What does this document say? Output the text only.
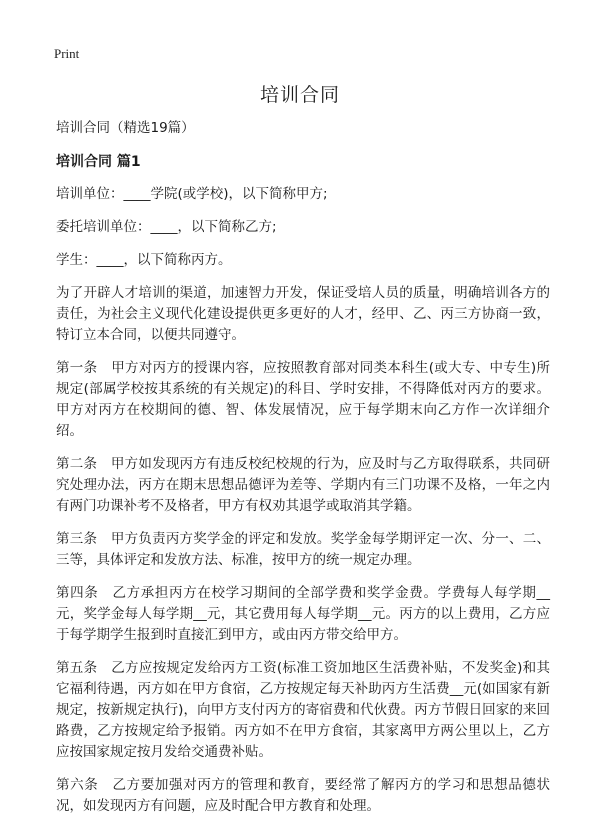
Print
培训合同

培训合同（精选19篇）

培训合同 篇1

培训单位：____学院(或学校)，以下简称甲方;

委托培训单位：____，以下简称乙方;

学生：____，以下简称丙方。

为了开辟人才培训的渠道，加速智力开发，保证受培人员的质量，明确培训各方的责任，为社会主义现代化建设提供更多更好的人才，经甲、乙、丙三方协商一致，特订立本合同，以便共同遵守。

第一条　甲方对丙方的授课内容，应按照教育部对同类本科生(或大专、中专生)所规定(部属学校按其系统的有关规定)的科目、学时安排，不得降低对丙方的要求。甲方对丙方在校期间的德、智、体发展情况，应于每学期末向乙方作一次详细介绍。

第二条　甲方如发现丙方有违反校纪校规的行为，应及时与乙方取得联系，共同研究处理办法，丙方在期末思想品德评为差等、学期内有三门功课不及格，一年之内有两门功课补考不及格者，甲方有权劝其退学或取消其学籍。

第三条　甲方负责丙方奖学金的评定和发放。奖学金每学期评定一次、分一、二、三等，具体评定和发放方法、标准，按甲方的统一规定办理。

第四条　乙方承担丙方在校学习期间的全部学费和奖学金费。学费每人每学期__元，奖学金每人每学期__元，其它费用每人每学期__元。丙方的以上费用，乙方应于每学期学生报到时直接汇到甲方，或由丙方带交给甲方。

第五条　乙方应按规定发给丙方工资(标准工资加地区生活费补贴，不发奖金)和其它福利待遇，丙方如在甲方食宿，乙方按规定每天补助丙方生活费__元(如国家有新规定，按新规定执行)，向甲方支付丙方的寄宿费和代伙费。丙方节假日回家的来回路费，乙方按规定给予报销。丙方如不在甲方食宿，其家离甲方两公里以上，乙方应按国家规定按月发给交通费补贴。

第六条　乙方要加强对丙方的管理和教育，要经常了解丙方的学习和思想品德状况，如发现丙方有问题，应及时配合甲方教育和处理。
